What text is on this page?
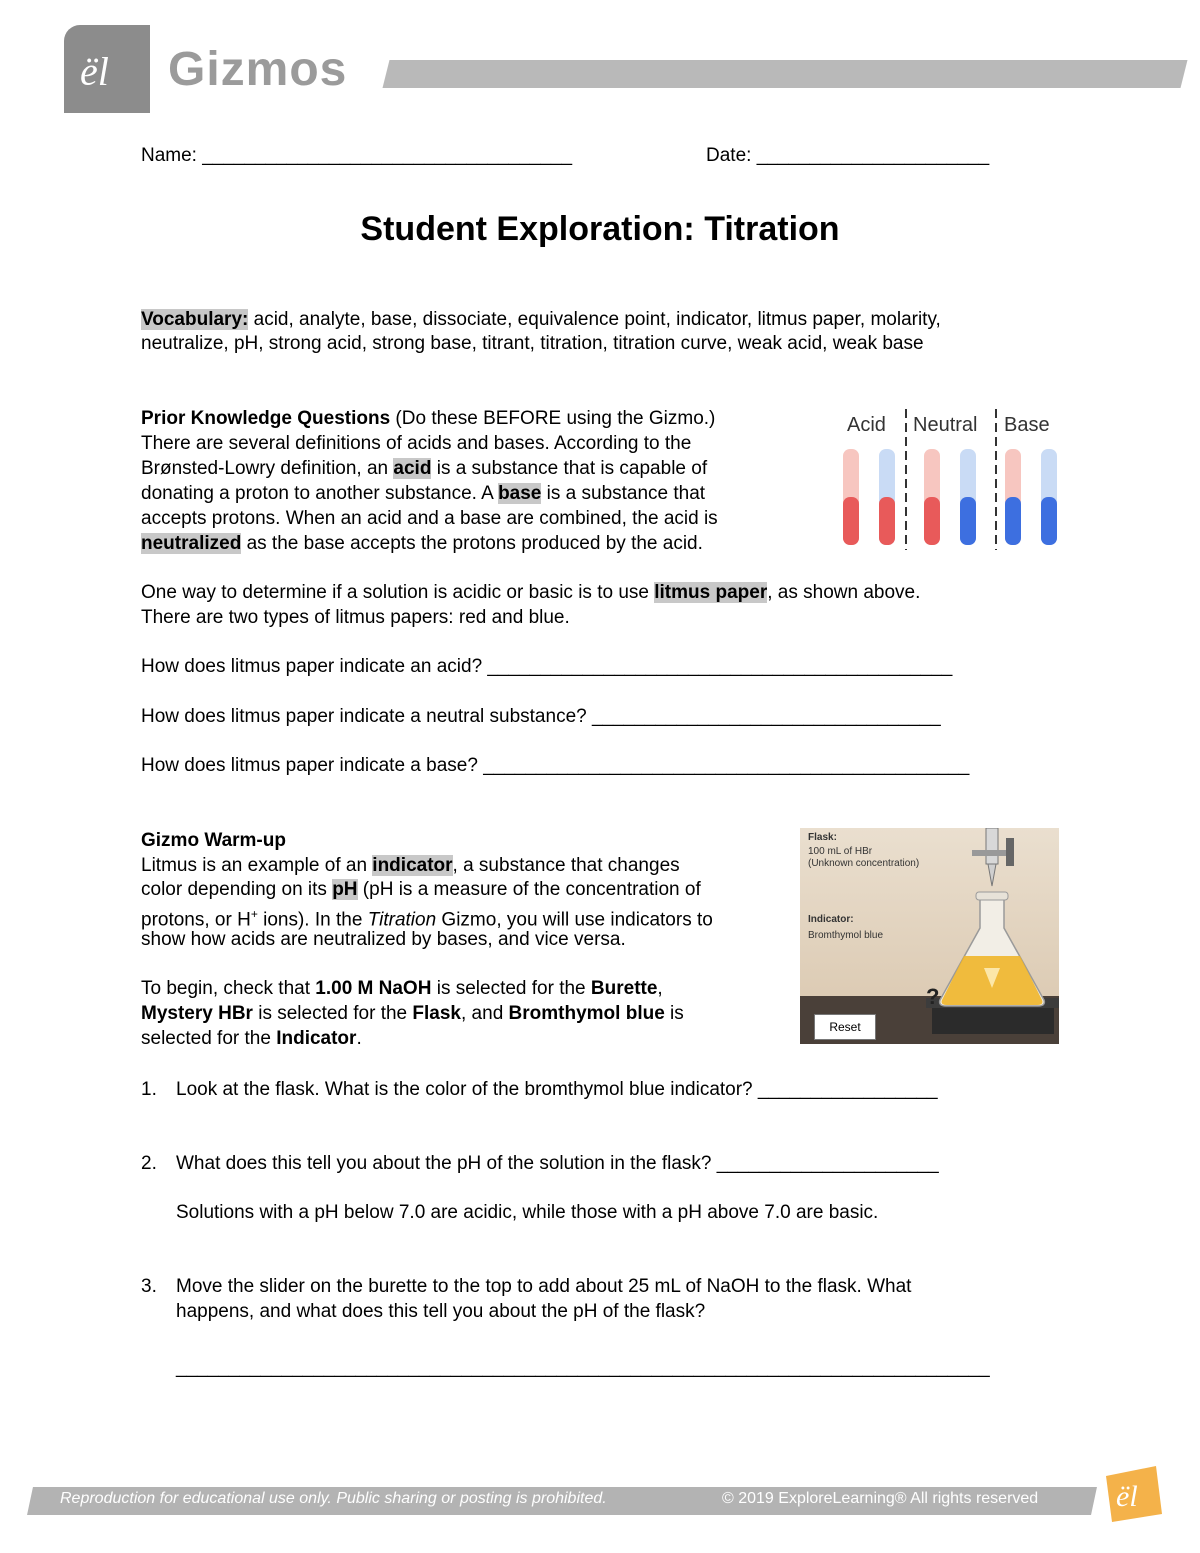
ël Gizmos
Name: ___________________________________	Date: ______________________
Student Exploration: Titration
Vocabulary: acid, analyte, base, dissociate, equivalence point, indicator, litmus paper, molarity,
neutralize, pH, strong acid, strong base, titrant, titration, titration curve, weak acid, weak base
Prior Knowledge Questions (Do these BEFORE using the Gizmo.)
There are several definitions of acids and bases. According to the
Brønsted-Lowry definition, an acid is a substance that is capable of
donating a proton to another substance. A base is a substance that
accepts protons. When an acid and a base are combined, the acid is
neutralized as the base accepts the protons produced by the acid.
Acid Neutral Base
One way to determine if a solution is acidic or basic is to use litmus paper, as shown above.
There are two types of litmus papers: red and blue.
How does litmus paper indicate an acid? ____________________________________________
How does litmus paper indicate a neutral substance? _________________________________
How does litmus paper indicate a base? ______________________________________________
Gizmo Warm-up
Litmus is an example of an indicator, a substance that changes
color depending on its pH (pH is a measure of the concentration of
protons, or H+ ions). In the Titration Gizmo, you will use indicators to
show how acids are neutralized by bases, and vice versa.
To begin, check that 1.00 M NaOH is selected for the Burette,
Mystery HBr is selected for the Flask, and Bromthymol blue is
selected for the Indicator.
Flask:
100 mL of HBr
(Unknown concentration)
Indicator:
Bromthymol blue
?
Reset
1. Look at the flask. What is the color of the bromthymol blue indicator? _________________
2. What does this tell you about the pH of the solution in the flask? _____________________
Solutions with a pH below 7.0 are acidic, while those with a pH above 7.0 are basic.
3. Move the slider on the burette to the top to add about 25 mL of NaOH to the flask. What
happens, and what does this tell you about the pH of the flask?
_____________________________________________________________________________
Reproduction for educational use only. Public sharing or posting is prohibited.	© 2019 ExploreLearning® All rights reserved	ël
